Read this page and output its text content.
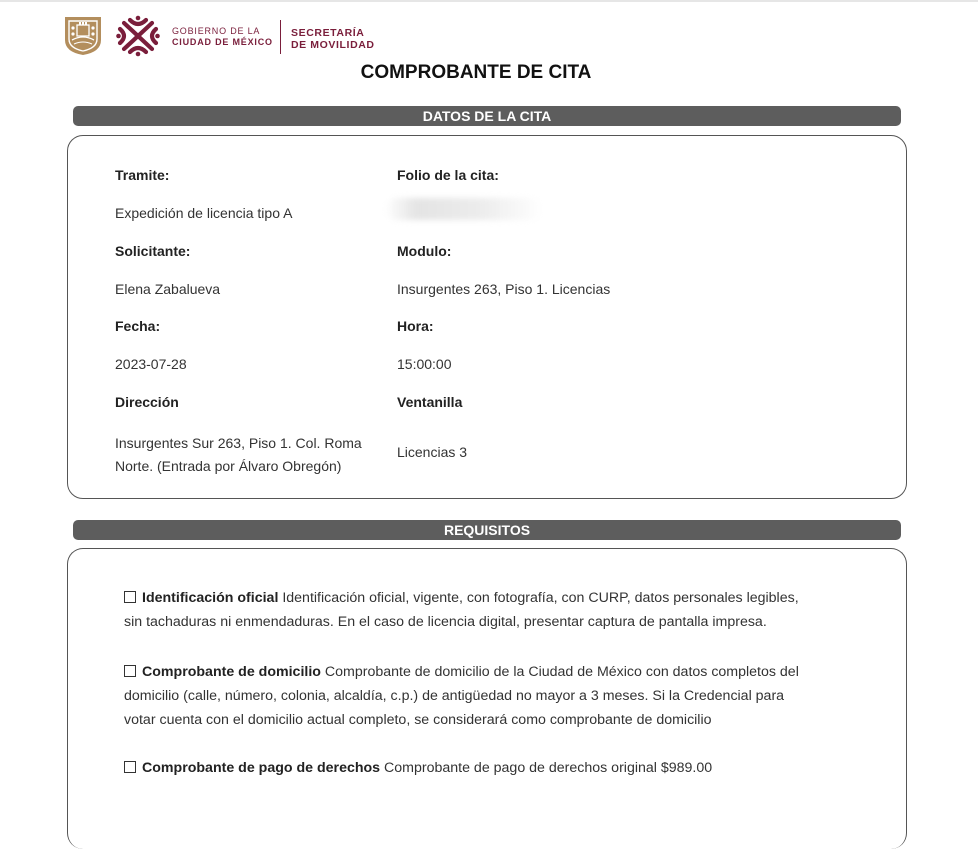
GOBIERNO DE LA
CIUDAD DE MÉXICO
SECRETARÍA
DE MOVILIDAD
COMPROBANTE DE CITA
DATOS DE LA CITA
Tramite:
Expedición de licencia tipo A
Folio de la cita:
Solicitante:
Elena Zabalueva
Modulo:
Insurgentes 263, Piso 1. Licencias
Fecha:
2023-07-28
Hora:
15:00:00
Dirección
Insurgentes Sur 263, Piso 1. Col. Roma
Norte. (Entrada por Álvaro Obregón)
Ventanilla
Licencias 3
REQUISITOS
Identificación oficial Identificación oficial, vigente, con fotografía, con CURP, datos personales legibles,
sin tachaduras ni enmendaduras. En el caso de licencia digital, presentar captura de pantalla impresa.
Comprobante de domicilio Comprobante de domicilio de la Ciudad de México con datos completos del
domicilio (calle, número, colonia, alcaldía, c.p.) de antigüedad no mayor a 3 meses. Si la Credencial para
votar cuenta con el domicilio actual completo, se considerará como comprobante de domicilio
Comprobante de pago de derechos Comprobante de pago de derechos original $989.00
